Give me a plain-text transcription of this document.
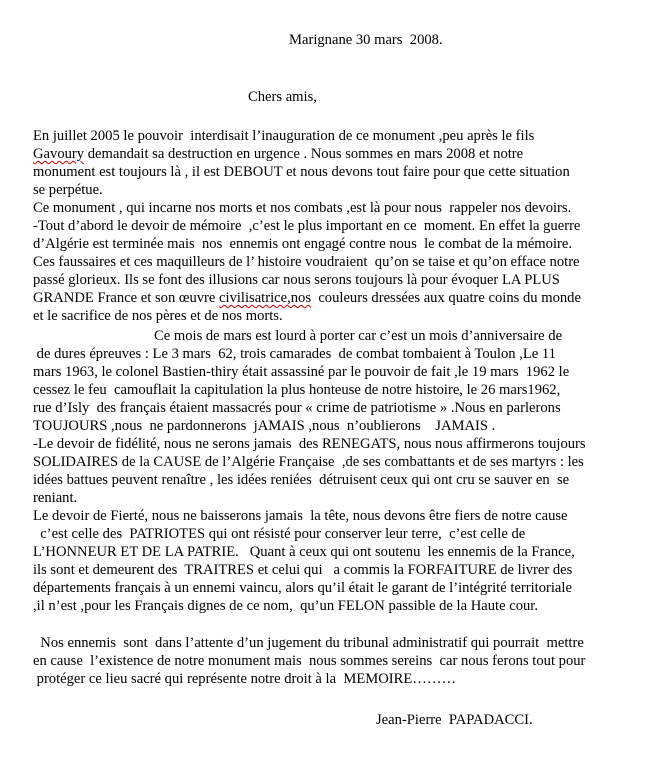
Marignane 30 mars  2008.
Chers amis,
En juillet 2005 le pouvoir  interdisait l’inauguration de ce monument ,peu après le fils
Gavoury demandait sa destruction en urgence . Nous sommes en mars 2008 et notre
monument est toujours là , il est DEBOUT et nous devons tout faire pour que cette situation
se perpétue.
Ce monument , qui incarne nos morts et nos combats ,est là pour nous  rappeler nos devoirs.
-Tout d’abord le devoir de mémoire  ,c’est le plus important en ce  moment. En effet la guerre
d’Algérie est terminée mais  nos  ennemis ont engagé contre nous  le combat de la mémoire.
Ces faussaires et ces maquilleurs de l’ histoire voudraient  qu’on se taise et qu’on efface notre
passé glorieux. Ils se font des illusions car nous serons toujours là pour évoquer LA PLUS
GRANDE France et son œuvre civilisatrice,nos  couleurs dressées aux quatre coins du monde
et le sacrifice de nos pères et de nos morts.
Ce mois de mars est lourd à porter car c’est un mois d’anniversaire de
de dures épreuves : Le 3 mars  62, trois camarades  de combat tombaient à Toulon ,Le 11
mars 1963, le colonel Bastien-thiry était assassiné par le pouvoir de fait ,le 19 mars  1962 le
cessez le feu  camouflait la capitulation la plus honteuse de notre histoire, le 26 mars1962,
rue d’Isly  des français étaient massacrés pour « crime de patriotisme » .Nous en parlerons
TOUJOURS ,nous  ne pardonnerons  jAMAIS ,nous  n’oublierons    JAMAIS .
-Le devoir de fidélité, nous ne serons jamais  des RENEGATS, nous nous affirmerons toujours
SOLIDAIRES de la CAUSE de l’Algérie Française  ,de ses combattants et de ses martyrs : les
idées battues peuvent renaître , les idées reniées  détruisent ceux qui ont cru se sauver en  se
reniant.
Le devoir de Fierté, nous ne baisserons jamais  la tête, nous devons être fiers de notre cause
c’est celle des  PATRIOTES qui ont résisté pour conserver leur terre,  c’est celle de
L’HONNEUR ET DE LA PATRIE.   Quant à ceux qui ont soutenu  les ennemis de la France,
ils sont et demeurent des  TRAITRES et celui qui   a commis la FORFAITURE de livrer des
départements français à un ennemi vaincu, alors qu’il était le garant de l’intégrité territoriale
,il n’est ,pour les Français dignes de ce nom,  qu’un FELON passible de la Haute cour.
Nos ennemis  sont  dans l’attente d’un jugement du tribunal administratif qui pourrait  mettre
en cause  l’existence de notre monument mais  nous sommes sereins  car nous ferons tout pour
protéger ce lieu sacré qui représente notre droit à la  MEMOIRE………
Jean-Pierre  PAPADACCI.
